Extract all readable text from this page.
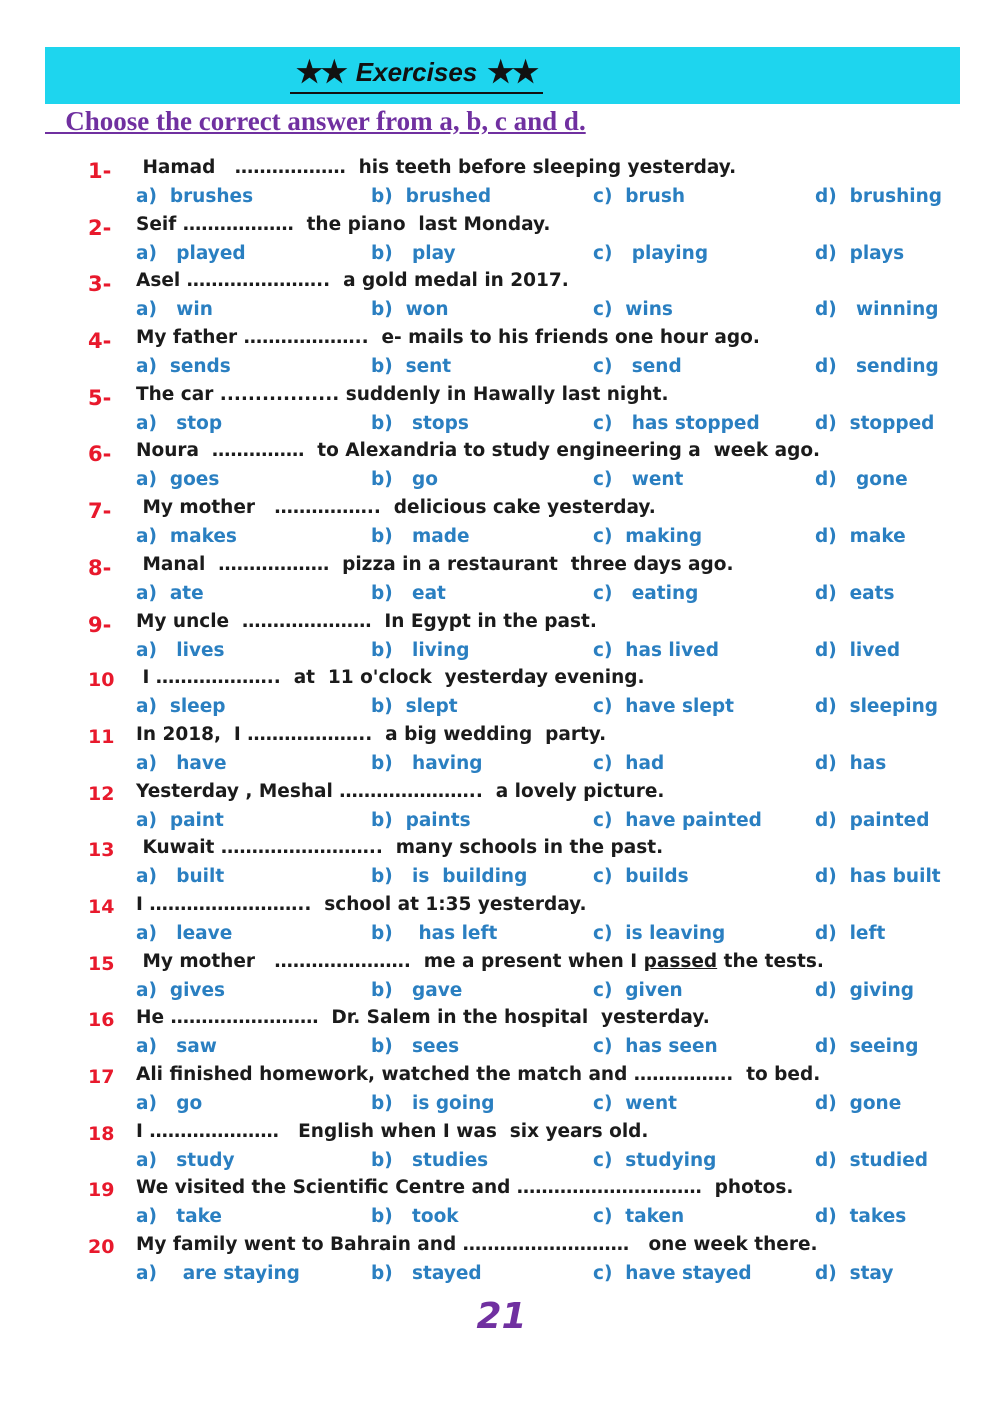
★★ Exercises ★★
Choose the correct answer from a, b, c and d.
1- Hamad   ………………  his teeth before sleeping yesterday.
a)  brushes	b)  brushed	c)  brush	d)  brushing
2- Seif ………………  the piano  last Monday.
a)   played	b)   play	c)   playing	d)  plays
3- Asel …………………..  a gold medal in 2017.
a)   win	b)  won	c)  wins	d)   winning
4- My father ………………..  e- mails to his friends one hour ago.
a)  sends	b)  sent	c)   send	d)   sending
5- The car ................. suddenly in Hawally last night.
a)   stop	b)   stops	c)   has stopped	d)  stopped
6- Noura  ……………  to Alexandria to study engineering a  week ago.
a)  goes	b)   go	c)   went	d)   gone
7- My mother   ……………..  delicious cake yesterday.
a)  makes	b)   made	c)  making	d)  make
8- Manal  ………………  pizza in a restaurant  three days ago.
a)  ate	b)   eat	c)   eating	d)  eats
9- My uncle  …………………  In Egypt in the past.
a)   lives	b)   living	c)  has lived	d)  lived
10 I ………………..  at  11 o'clock  yesterday evening.
a)  sleep	b)  slept	c)  have slept	d)  sleeping
11 In 2018,  I ………………..  a big wedding  party.
a)   have	b)   having	c)  had	d)  has
12 Yesterday , Meshal …………………..  a lovely picture.
a)  paint	b)  paints	c)  have painted	d)  painted
13 Kuwait ……………………..  many schools in the past.
a)   built	b)   is  building	c)  builds	d)  has built
14 I ……………………..  school at 1:35 yesterday.
a)   leave	b)    has left	c)  is leaving	d)  left
15 My mother   ………………….  me a present when I passed the tests.
a)  gives	b)   gave	c)  given	d)  giving
16 He ……………………  Dr. Salem in the hospital  yesterday.
a)   saw	b)   sees	c)  has seen	d)  seeing
17 Ali finished homework, watched the match and …………….  to bed.
a)   go	b)   is going	c)  went	d)  gone
18 I …………………   English when I was  six years old.
a)   study	b)   studies	c)  studying	d)  studied
19 We visited the Scientific Centre and …………………………  photos.
a)   take	b)   took	c)  taken	d)  takes
20 My family went to Bahrain and ………………………   one week there.
a)    are staying	b)   stayed	c)  have stayed	d)  stay
21
